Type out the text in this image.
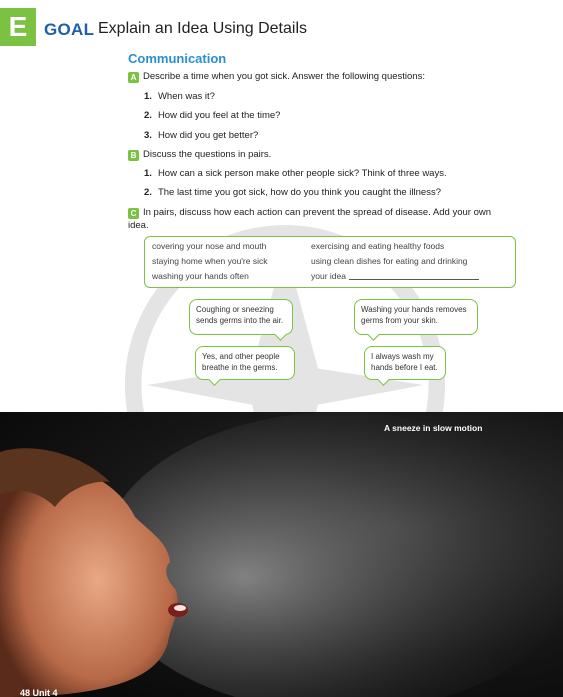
E GOAL Explain an Idea Using Details
Communication
A Describe a time when you got sick. Answer the following questions:
1. When was it?
2. How did you feel at the time?
3. How did you get better?
B Discuss the questions in pairs.
1. How can a sick person make other people sick? Think of three ways.
2. The last time you got sick, how do you think you caught the illness?
C In pairs, discuss how each action can prevent the spread of disease. Add your own idea.
covering your nose and mouth
staying home when you're sick
washing your hands often
exercising and eating healthy foods
using clean dishes for eating and drinking
your idea
Coughing or sneezing sends germs into the air.
Washing your hands removes germs from your skin.
Yes, and other people breathe in the germs.
I always wash my hands before I eat.
A sneeze in slow motion
48 Unit 4
